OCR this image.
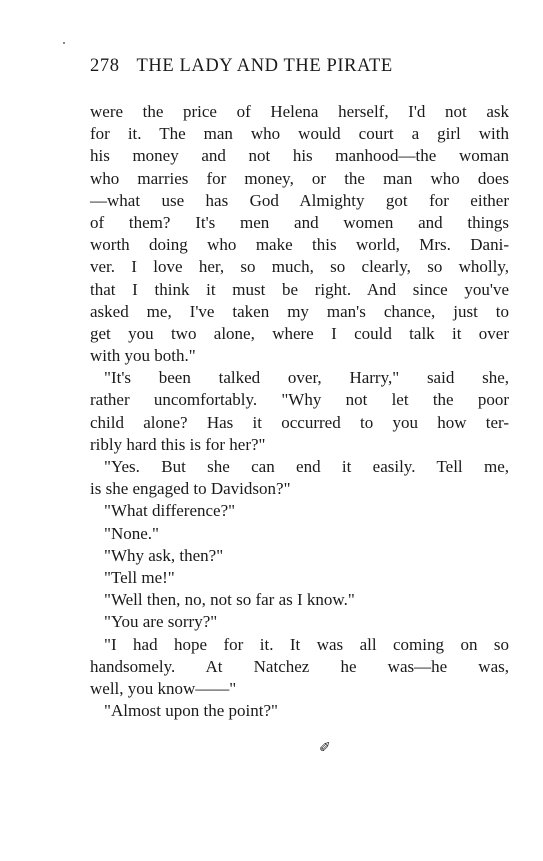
278 THE LADY AND THE PIRATE
were the price of Helena herself, I'd not ask
for it. The man who would court a girl with
his money and not his manhood—the woman
who marries for money, or the man who does
—what use has God Almighty got for either
of them? It's men and women and things
worth doing who make this world, Mrs. Dani-
ver. I love her, so much, so clearly, so wholly,
that I think it must be right. And since you've
asked me, I've taken my man's chance, just to
get you two alone, where I could talk it over
with you both."
"It's been talked over, Harry," said she,
rather uncomfortably. "Why not let the poor
child alone? Has it occurred to you how ter-
ribly hard this is for her?"
"Yes. But she can end it easily. Tell me,
is she engaged to Davidson?"
"What difference?"
"None."
"Why ask, then?"
"Tell me!"
"Well then, no, not so far as I know."
"You are sorry?"
"I had hope for it. It was all coming on so
handsomely. At Natchez he was—he was,
well, you know——"
"Almost upon the point?"
✐
